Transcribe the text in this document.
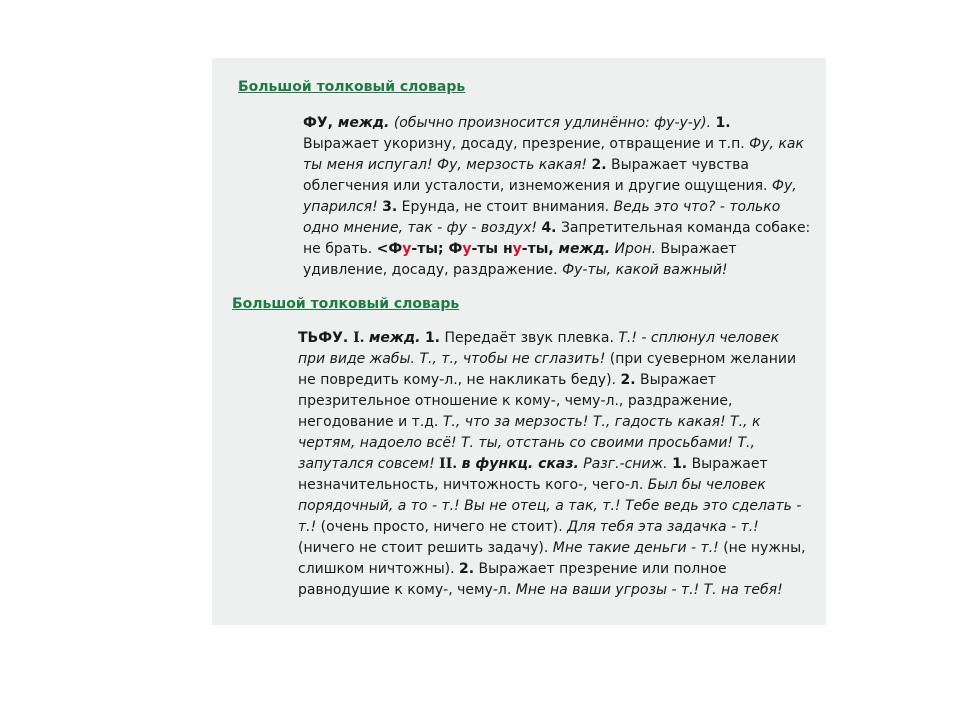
Большой толковый словарь
ФУ, межд. (обычно произносится удлинённо: фу-у-у). 1.
Выражает укоризну, досаду, презрение, отвращение и т.п. Фу, как
ты меня испугал! Фу, мерзость какая! 2. Выражает чувства
облегчения или усталости, изнеможения и другие ощущения. Фу,
упарился! 3. Ерунда, не стоит внимания. Ведь это что? - только
одно мнение, так - фу - воздух! 4. Запретительная команда собаке:
не брать. <Фу-ты; Фу-ты ну-ты, межд. Ирон. Выражает
удивление, досаду, раздражение. Фу-ты, какой важный!
Большой толковый словарь
ТЬФУ. I. межд. 1. Передаёт звук плевка. Т.! - сплюнул человек
при виде жабы. Т., т., чтобы не сглазить! (при суеверном желании
не повредить кому-л., не накликать беду). 2. Выражает
презрительное отношение к кому-, чему-л., раздражение,
негодование и т.д. Т., что за мерзость! Т., гадость какая! Т., к
чертям, надоело всё! Т. ты, отстань со своими просьбами! Т.,
запутался совсем! II. в функц. сказ. Разг.-сниж. 1. Выражает
незначительность, ничтожность кого-, чего-л. Был бы человек
порядочный, а то - т.! Вы не отец, а так, т.! Тебе ведь это сделать -
т.! (очень просто, ничего не стоит). Для тебя эта задачка - т.!
(ничего не стоит решить задачу). Мне такие деньги - т.! (не нужны,
слишком ничтожны). 2. Выражает презрение или полное
равнодушие к кому-, чему-л. Мне на ваши угрозы - т.! Т. на тебя!
